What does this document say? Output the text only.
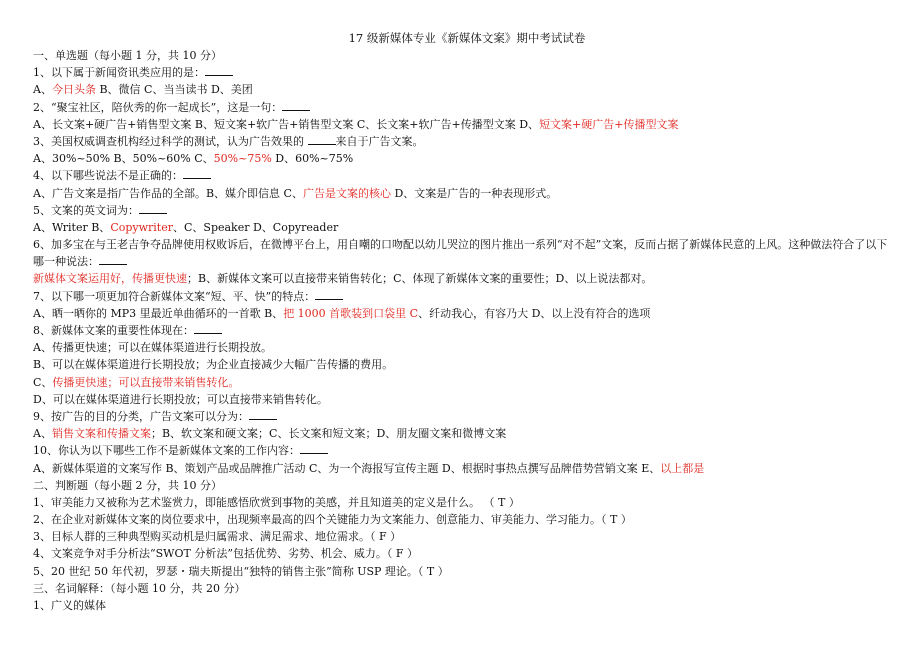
17 级新媒体专业《新媒体文案》期中考试试卷
一、单选题（每小题 1 分，共 10 分）
1、以下属于新闻资讯类应用的是：
A、今日头条 B、微信 C、当当读书 D、美团
2、“聚宝社区，陪伙秀的你一起成长”，这是一句：
A、长文案+硬广告+销售型文案 B、短文案+软广告+销售型文案 C、长文案+软广告+传播型文案 D、短文案+硬广告+传播型文案
3、美国权威调查机构经过科学的测试，认为广告效果的	来自于广告文案。
A、30%~50% B、50%~60% C、50%~75% D、60%~75%
4、以下哪些说法不是正确的：
A、广告文案是指广告作品的全部。B、媒介即信息 C、广告是文案的核心 D、文案是广告的一种表现形式。
5、文案的英文词为：
A、Writer B、Copywriter、C、Speaker D、Copyreader
6、加多宝在与王老吉争夺品牌使用权败诉后，在微博平台上，用自嘲的口吻配以幼儿哭泣的图片推出一系列“对不起”文案，反而占据了新媒体民意的上风。这种做法符合了以下哪一种说法：
新媒体文案运用好，传播更快速；B、新媒体文案可以直接带来销售转化；C、体现了新媒体文案的重要性；D、以上说法都对。
7、以下哪一项更加符合新媒体文案“短、平、快”的特点：
A、晒一晒你的 MP3 里最近单曲循环的一首歌 B、把 1000 首歌装到口袋里 C、纤动我心，有容乃大 D、以上没有符合的选项
8、新媒体文案的重要性体现在：
A、传播更快速；可以在媒体渠道进行长期投放。
B、可以在媒体渠道进行长期投放；为企业直接减少大幅广告传播的费用。
C、传播更快速；可以直接带来销售转化。
D、可以在媒体渠道进行长期投放；可以直接带来销售转化。
9、按广告的目的分类，广告文案可以分为：
A、销售文案和传播文案；B、软文案和硬文案；C、长文案和短文案；D、朋友圈文案和微博文案
10、你认为以下哪些工作不是新媒体文案的工作内容：
A、新媒体渠道的文案写作 B、策划产品或品牌推广活动 C、为一个海报写宣传主题 D、根据时事热点撰写品牌借势营销文案 E、以上都是
二、判断题（每小题 2 分，共 10 分）
1、审美能力又被称为艺术鉴赏力，即能感悟欣赏到事物的美感，并且知道美的定义是什么。 （ T ）
2、在企业对新媒体文案的岗位要求中，出现频率最高的四个关键能力为文案能力、创意能力、审美能力、学习能力。（ T ）
3、目标人群的三种典型购买动机是归属需求、满足需求、地位需求。（ F ）
4、文案竞争对手分析法“SWOT 分析法”包括优势、劣势、机会、威力。（ F ）
5、20 世纪 50 年代初，罗瑟・瑞夫斯提出“独特的销售主张”简称 USP 理论。（ T ）
三、名词解释：（每小题 10 分，共 20 分）
1、广义的媒体
